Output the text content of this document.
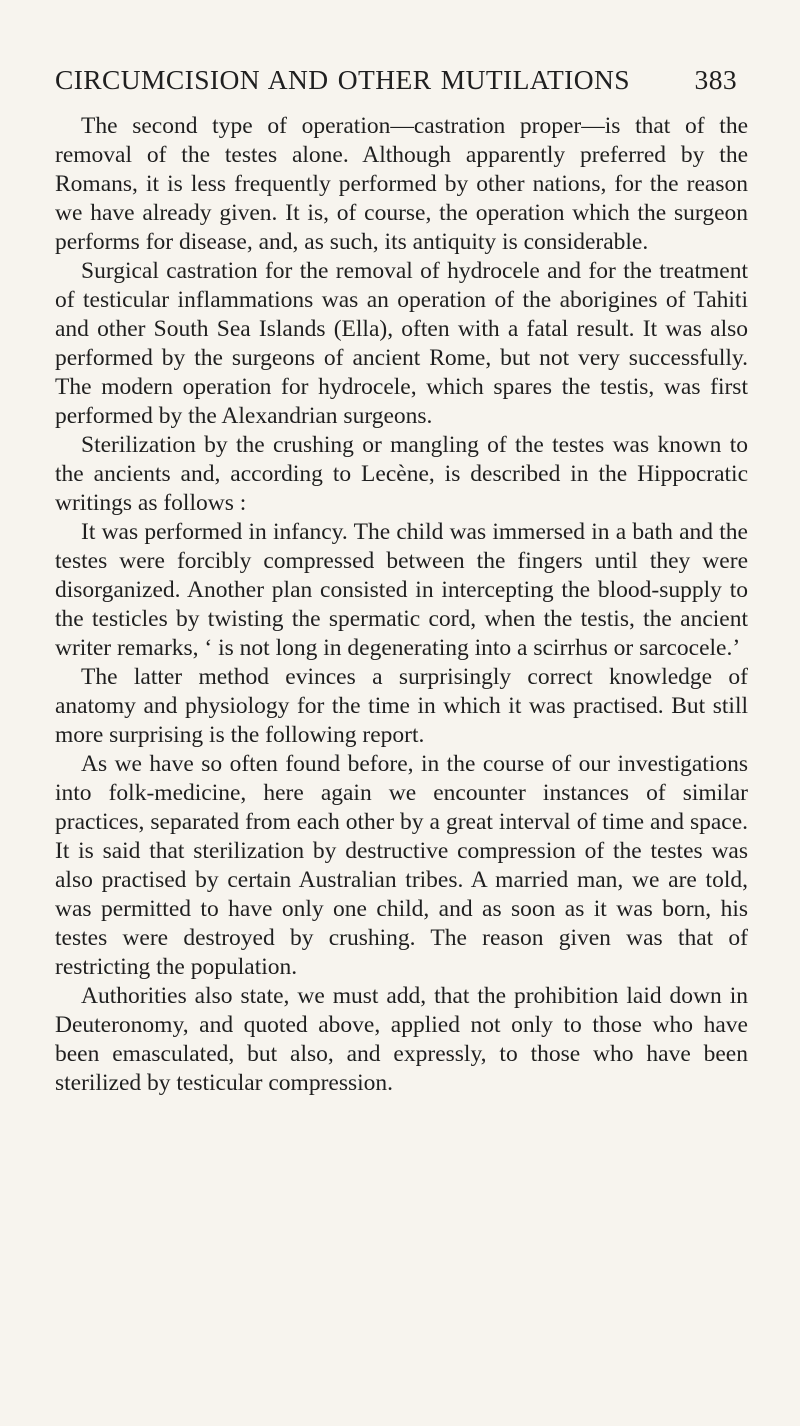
CIRCUMCISION AND OTHER MUTILATIONS 383

The second type of operation—castration proper—is that of the removal of the testes alone. Although apparently preferred by the Romans, it is less frequently performed by other nations, for the reason we have already given. It is, of course, the operation which the surgeon performs for disease, and, as such, its antiquity is considerable.

Surgical castration for the removal of hydrocele and for the treatment of testicular inflammations was an operation of the aborigines of Tahiti and other South Sea Islands (Ella), often with a fatal result. It was also performed by the surgeons of ancient Rome, but not very successfully. The modern operation for hydrocele, which spares the testis, was first performed by the Alexandrian surgeons.

Sterilization by the crushing or mangling of the testes was known to the ancients and, according to Lecène, is described in the Hippocratic writings as follows :

It was performed in infancy. The child was immersed in a bath and the testes were forcibly compressed between the fingers until they were disorganized. Another plan consisted in intercepting the blood-supply to the testicles by twisting the spermatic cord, when the testis, the ancient writer remarks, ‘ is not long in degenerating into a scirrhus or sarcocele.’

The latter method evinces a surprisingly correct knowledge of anatomy and physiology for the time in which it was practised. But still more surprising is the following report.

As we have so often found before, in the course of our investigations into folk-medicine, here again we encounter instances of similar practices, separated from each other by a great interval of time and space. It is said that sterilization by destructive compression of the testes was also practised by certain Australian tribes. A married man, we are told, was permitted to have only one child, and as soon as it was born, his testes were destroyed by crushing. The reason given was that of restricting the population.

Authorities also state, we must add, that the prohibition laid down in Deuteronomy, and quoted above, applied not only to those who have been emasculated, but also, and expressly, to those who have been sterilized by testicular compression.
